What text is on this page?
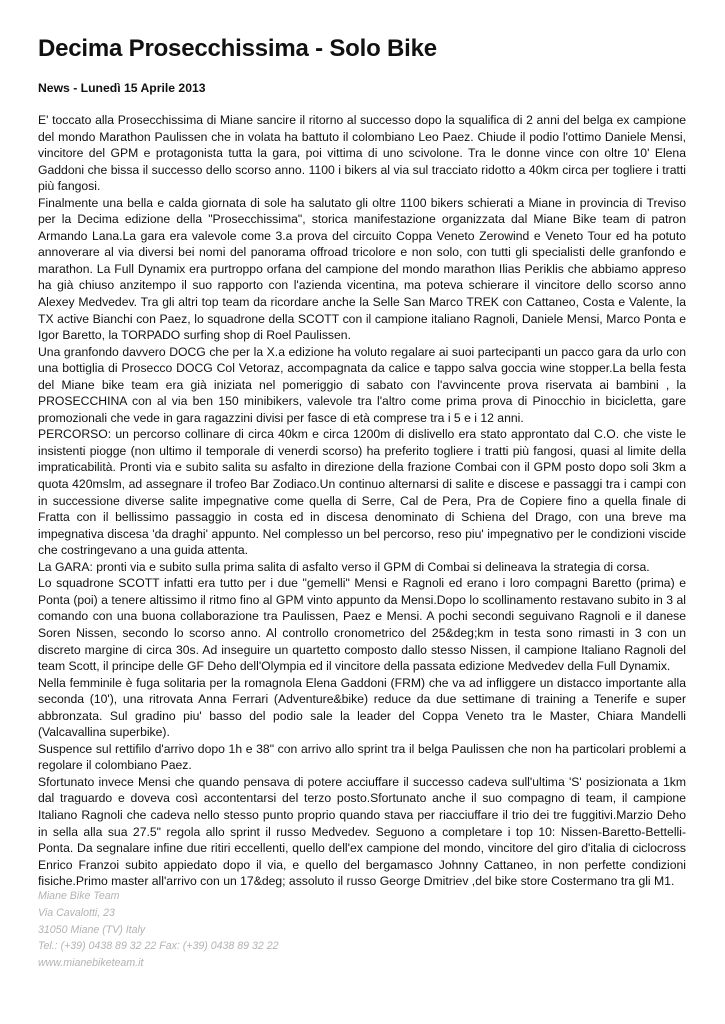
Decima Prosecchissima - Solo Bike
News - Lunedì 15 Aprile 2013

E' toccato alla Prosecchissima di Miane sancire il ritorno al successo dopo la squalifica di 2 anni del belga ex campione del mondo Marathon Paulissen che in volata ha battuto il colombiano Leo Paez. Chiude il podio l'ottimo Daniele Mensi, vincitore del GPM e protagonista tutta la gara, poi vittima di uno scivolone. Tra le donne vince con oltre 10' Elena Gaddoni che bissa il successo dello scorso anno. 1100 i bikers al via sul tracciato ridotto a 40km circa per togliere i tratti più fangosi.

Finalmente una bella e calda giornata di sole ha salutato gli oltre 1100 bikers schierati a Miane in provincia di Treviso per la Decima edizione della "Prosecchissima", storica manifestazione organizzata dal Miane Bike team di patron Armando Lana.La gara era valevole come 3.a prova del circuito Coppa Veneto Zerowind e Veneto Tour ed ha potuto annoverare al via diversi bei nomi del panorama offroad tricolore e non solo, con tutti gli specialisti delle granfondo e marathon. La Full Dynamix era purtroppo orfana del campione del mondo marathon Ilias Periklis che abbiamo appreso ha già chiuso anzitempo il suo rapporto con l'azienda vicentina, ma poteva schierare il vincitore dello scorso anno Alexey Medvedev. Tra gli altri top team da ricordare anche la Selle San Marco TREK con Cattaneo, Costa e Valente, la TX active Bianchi con Paez, lo squadrone della SCOTT con il campione italiano Ragnoli, Daniele Mensi, Marco Ponta e Igor Baretto, la TORPADO surfing shop di Roel Paulissen.

Una granfondo davvero DOCG che per la X.a edizione ha voluto regalare ai suoi partecipanti un pacco gara da urlo con una bottiglia di Prosecco DOCG Col Vetoraz, accompagnata da calice e tappo salva goccia wine stopper.La bella festa del Miane bike team era già iniziata nel pomeriggio di sabato con l'avvincente prova riservata ai bambini , la PROSECCHINA con al via ben 150 minibikers, valevole tra l'altro come prima prova di Pinocchio in bicicletta, gare promozionali che vede in gara ragazzini divisi per fasce di età comprese tra i 5 e i 12 anni.

PERCORSO: un percorso collinare di circa 40km e circa 1200m di dislivello era stato approntato dal C.O. che viste le insistenti piogge (non ultimo il temporale di venerdi scorso) ha preferito togliere i tratti più fangosi, quasi al limite della impraticabilità. Pronti via e subito salita su asfalto in direzione della frazione Combai con il GPM posto dopo soli 3km a quota 420mslm, ad assegnare il trofeo Bar Zodiaco.Un continuo alternarsi di salite e discese e passaggi tra i campi con in successione diverse salite impegnative come quella di Serre, Cal de Pera, Pra de Copiere fino a quella finale di Fratta con il bellissimo passaggio in costa ed in discesa denominato di Schiena del Drago, con una breve ma impegnativa discesa 'da draghi' appunto. Nel complesso un bel percorso, reso piu' impegnativo per le condizioni viscide che costringevano a una guida attenta.

La GARA: pronti via e subito sulla prima salita di asfalto verso il GPM di Combai si delineava la strategia di corsa.

Lo squadrone SCOTT infatti era tutto per i due "gemelli" Mensi e Ragnoli ed erano i loro compagni Baretto (prima) e Ponta (poi) a tenere altissimo il ritmo fino al GPM vinto appunto da Mensi.Dopo lo scollinamento restavano subito in 3 al comando con una buona collaborazione tra Paulissen, Paez e Mensi. A pochi secondi seguivano Ragnoli e il danese Soren Nissen, secondo lo scorso anno. Al controllo cronometrico del 25&deg;km in testa sono rimasti in 3 con un discreto margine di circa 30s. Ad inseguire un quartetto composto dallo stesso Nissen, il campione Italiano Ragnoli del team Scott, il principe delle GF Deho dell'Olympia ed il vincitore della passata edizione Medvedev della Full Dynamix.

Nella femminile è fuga solitaria per la romagnola Elena Gaddoni (FRM) che va ad infliggere un distacco importante alla seconda (10'), una ritrovata Anna Ferrari (Adventure&bike) reduce da due settimane di training a Tenerife e super abbronzata. Sul gradino piu' basso del podio sale la leader del Coppa Veneto tra le Master, Chiara Mandelli (Valcavallina superbike).

Suspence sul rettifilo d'arrivo dopo 1h e 38" con arrivo allo sprint tra il belga Paulissen che non ha particolari problemi a regolare il colombiano Paez.

Sfortunato invece Mensi che quando pensava di potere acciuffare il successo cadeva sull'ultima 'S' posizionata a 1km dal traguardo e doveva così accontentarsi del terzo posto.Sfortunato anche il suo compagno di team, il campione Italiano Ragnoli che cadeva nello stesso punto proprio quando stava per riacciuffare il trio dei tre fuggitivi.Marzio Deho in sella alla sua 27.5" regola allo sprint il russo Medvedev. Seguono a completare i top 10: Nissen-Baretto-Bettelli-Ponta. Da segnalare infine due ritiri eccellenti, quello dell'ex campione del mondo, vincitore del giro d'italia di ciclocross Enrico Franzoi subito appiedato dopo il via, e quello del bergamasco Johnny Cattaneo, in non perfette condizioni fisiche.Primo master all'arrivo con un 17&deg; assoluto il russo George Dmitriev ,del bike store Costermano tra gli M1.

Miane Bike Team
Via Cavalotti, 23
31050 Miane (TV) Italy
Tel.: (+39) 0438 89 32 22 Fax: (+39) 0438 89 32 22
www.mianebiketeam.it
